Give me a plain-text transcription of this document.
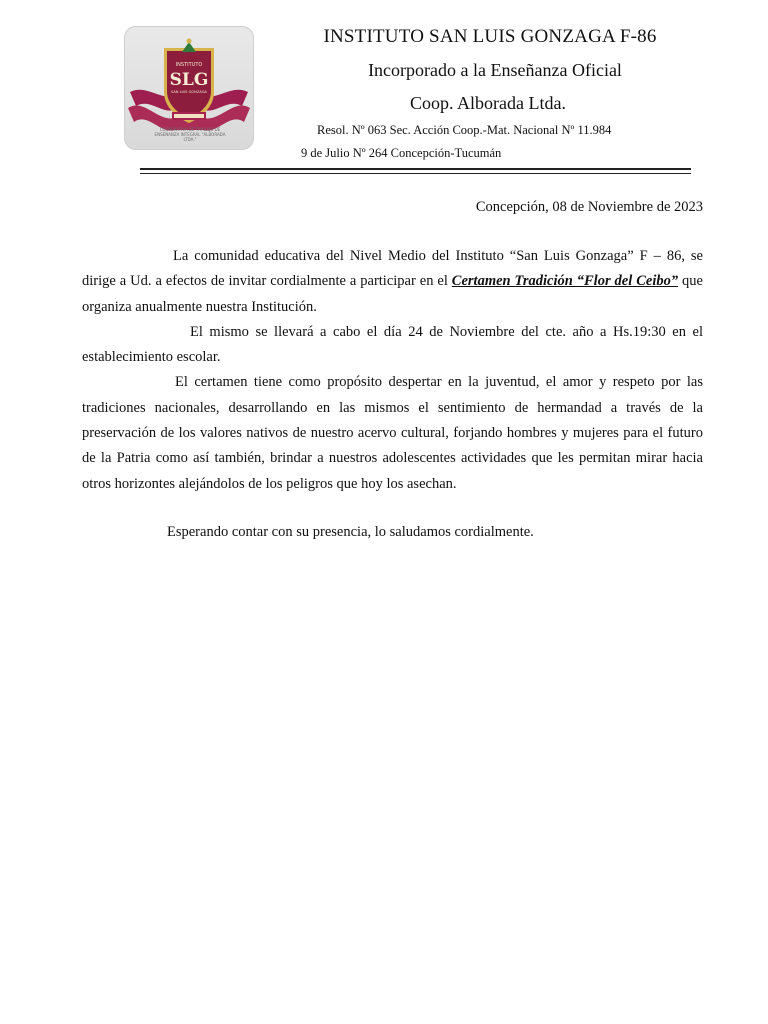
INSTITUTO
SLG
SAN LUIS GONZAGA
COOPERATIVA DE TRABAJO DE ENSEÑANZA INTEGRAL "ALBORADA LTDA."
INSTITUTO SAN LUIS GONZAGA F-86
Incorporado a la Enseñanza Oficial
Coop. Alborada Ltda.
Resol. Nº 063 Sec. Acción Coop.-Mat. Nacional Nº 11.984
9 de Julio Nº 264 Concepción-Tucumán
Concepción, 08 de Noviembre de 2023

La comunidad educativa del Nivel Medio del Instituto “San Luis Gonzaga” F – 86, se dirige a Ud. a efectos de invitar cordialmente a participar en el Certamen Tradición “Flor del Ceibo” que organiza anualmente nuestra Institución.

El mismo se llevará a cabo el día 24 de Noviembre del cte. año a Hs.19:30 en el establecimiento escolar.

El certamen tiene como propósito despertar en la juventud, el amor y respeto por las tradiciones nacionales, desarrollando en las mismos el sentimiento de hermandad a través de la preservación de los valores nativos de nuestro acervo cultural, forjando hombres y mujeres para el futuro de la Patria como así también, brindar a nuestros adolescentes actividades que les permitan mirar hacia otros horizontes alejándolos de los peligros que hoy los asechan.

Esperando contar con su presencia, lo saludamos cordialmente.
